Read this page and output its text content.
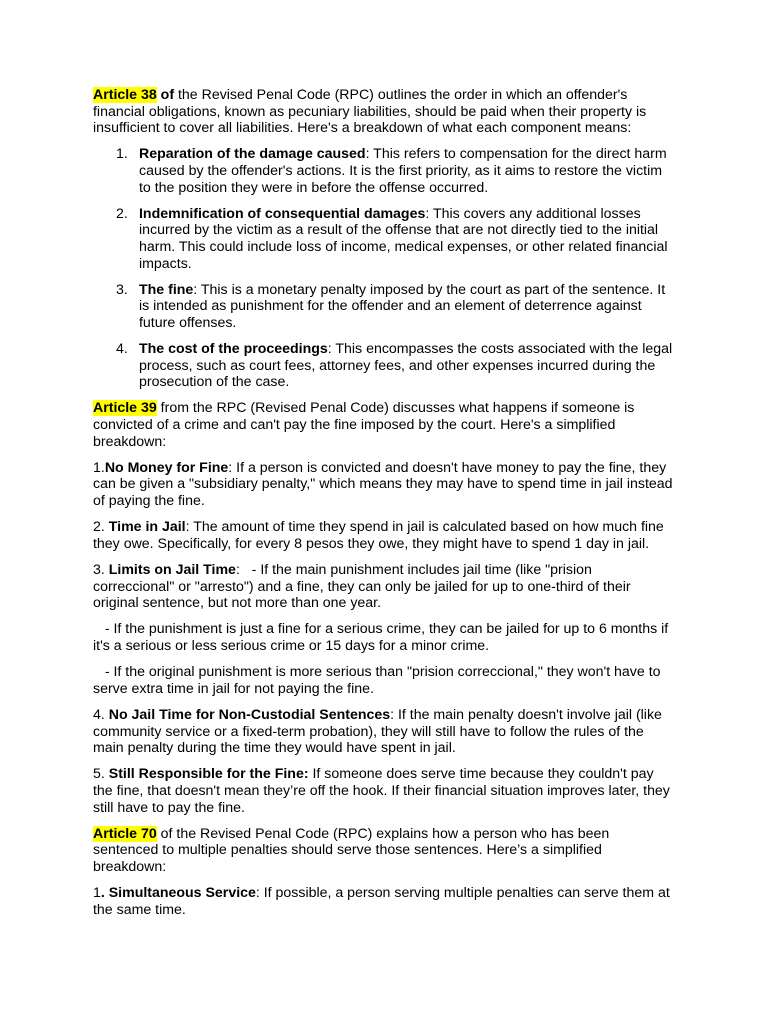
Article 38 of the Revised Penal Code (RPC) outlines the order in which an offender's
financial obligations, known as pecuniary liabilities, should be paid when their property is
insufficient to cover all liabilities. Here's a breakdown of what each component means:
1. Reparation of the damage caused: This refers to compensation for the direct harm
caused by the offender's actions. It is the first priority, as it aims to restore the victim
to the position they were in before the offense occurred.
2. Indemnification of consequential damages: This covers any additional losses
incurred by the victim as a result of the offense that are not directly tied to the initial
harm. This could include loss of income, medical expenses, or other related financial
impacts.
3. The fine: This is a monetary penalty imposed by the court as part of the sentence. It
is intended as punishment for the offender and an element of deterrence against
future offenses.
4. The cost of the proceedings: This encompasses the costs associated with the legal
process, such as court fees, attorney fees, and other expenses incurred during the
prosecution of the case.
Article 39 from the RPC (Revised Penal Code) discusses what happens if someone is
convicted of a crime and can't pay the fine imposed by the court. Here's a simplified
breakdown:
1.No Money for Fine: If a person is convicted and doesn't have money to pay the fine, they
can be given a "subsidiary penalty," which means they may have to spend time in jail instead
of paying the fine.
2. Time in Jail: The amount of time they spend in jail is calculated based on how much fine
they owe. Specifically, for every 8 pesos they owe, they might have to spend 1 day in jail.
3. Limits on Jail Time:   - If the main punishment includes jail time (like "prision
correccional" or "arresto") and a fine, they can only be jailed for up to one-third of their
original sentence, but not more than one year.
- If the punishment is just a fine for a serious crime, they can be jailed for up to 6 months if
it's a serious or less serious crime or 15 days for a minor crime.
- If the original punishment is more serious than "prision correccional," they won't have to
serve extra time in jail for not paying the fine.
4. No Jail Time for Non-Custodial Sentences: If the main penalty doesn't involve jail (like
community service or a fixed-term probation), they will still have to follow the rules of the
main penalty during the time they would have spent in jail.
5. Still Responsible for the Fine: If someone does serve time because they couldn't pay
the fine, that doesn't mean they’re off the hook. If their financial situation improves later, they
still have to pay the fine.
Article 70 of the Revised Penal Code (RPC) explains how a person who has been
sentenced to multiple penalties should serve those sentences. Here’s a simplified
breakdown:
1. Simultaneous Service: If possible, a person serving multiple penalties can serve them at
the same time.
